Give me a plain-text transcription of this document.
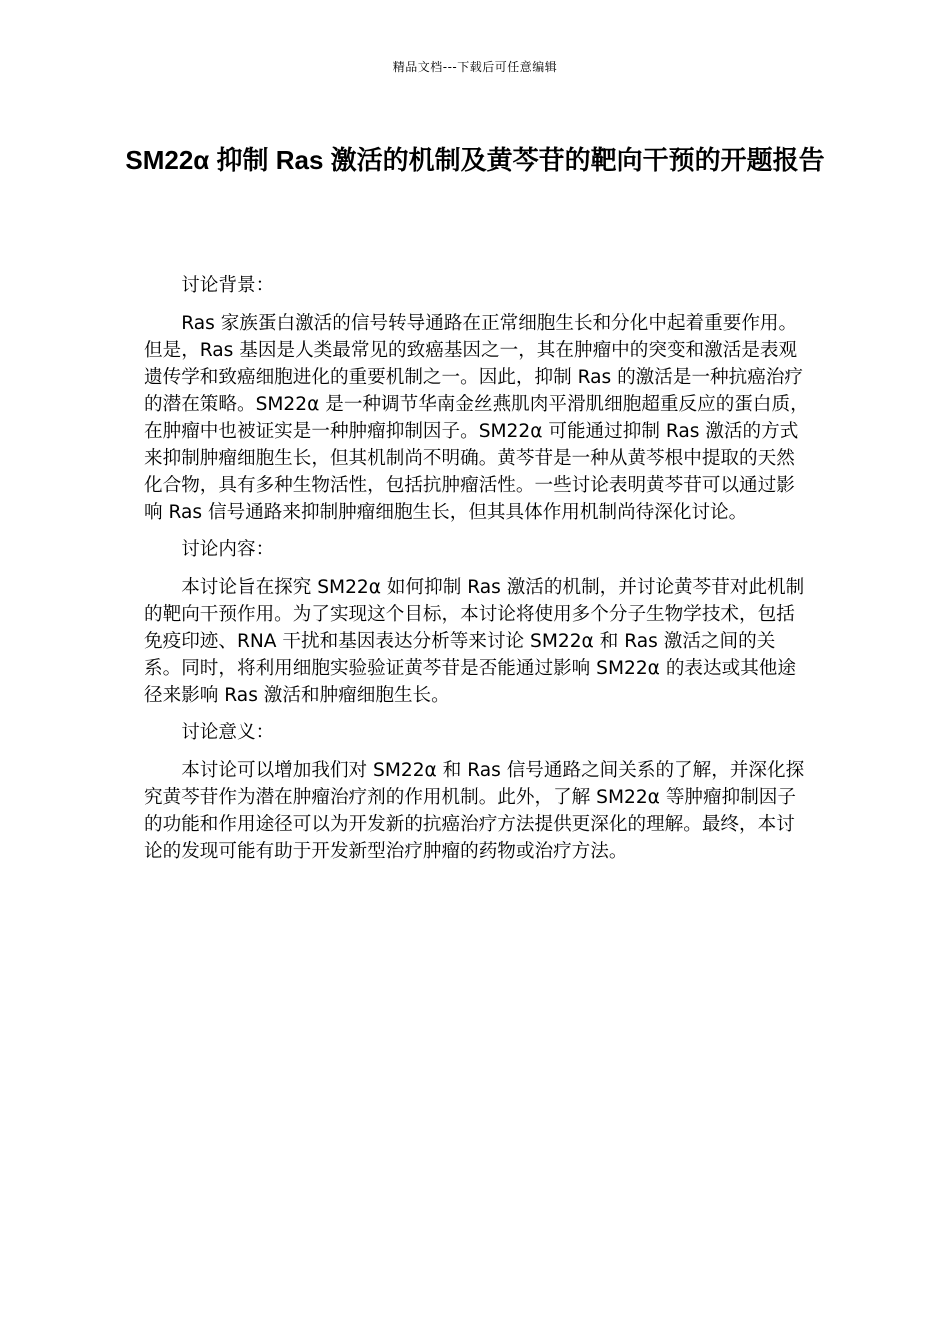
精品文档---下载后可任意编辑
SM22α 抑制 Ras 激活的机制及黄芩苷的靶向干预的开题报告

讨论背景：

Ras 家族蛋白激活的信号转导通路在正常细胞生长和分化中起着重要作用。但是，Ras 基因是人类最常见的致癌基因之一，其在肿瘤中的突变和激活是表观遗传学和致癌细胞进化的重要机制之一。因此，抑制 Ras 的激活是一种抗癌治疗的潜在策略。SM22α 是一种调节华南金丝燕肌肉平滑肌细胞超重反应的蛋白质，在肿瘤中也被证实是一种肿瘤抑制因子。SM22α 可能通过抑制 Ras 激活的方式来抑制肿瘤细胞生长，但其机制尚不明确。黄芩苷是一种从黄芩根中提取的天然化合物，具有多种生物活性，包括抗肿瘤活性。一些讨论表明黄芩苷可以通过影响 Ras 信号通路来抑制肿瘤细胞生长，但其具体作用机制尚待深化讨论。

讨论内容：

本讨论旨在探究 SM22α 如何抑制 Ras 激活的机制，并讨论黄芩苷对此机制的靶向干预作用。为了实现这个目标，本讨论将使用多个分子生物学技术，包括免疫印迹、RNA 干扰和基因表达分析等来讨论 SM22α 和 Ras 激活之间的关系。同时，将利用细胞实验验证黄芩苷是否能通过影响 SM22α 的表达或其他途径来影响 Ras 激活和肿瘤细胞生长。

讨论意义：

本讨论可以增加我们对 SM22α 和 Ras 信号通路之间关系的了解，并深化探究黄芩苷作为潜在肿瘤治疗剂的作用机制。此外，了解 SM22α 等肿瘤抑制因子的功能和作用途径可以为开发新的抗癌治疗方法提供更深化的理解。最终，本讨论的发现可能有助于开发新型治疗肿瘤的药物或治疗方法。
